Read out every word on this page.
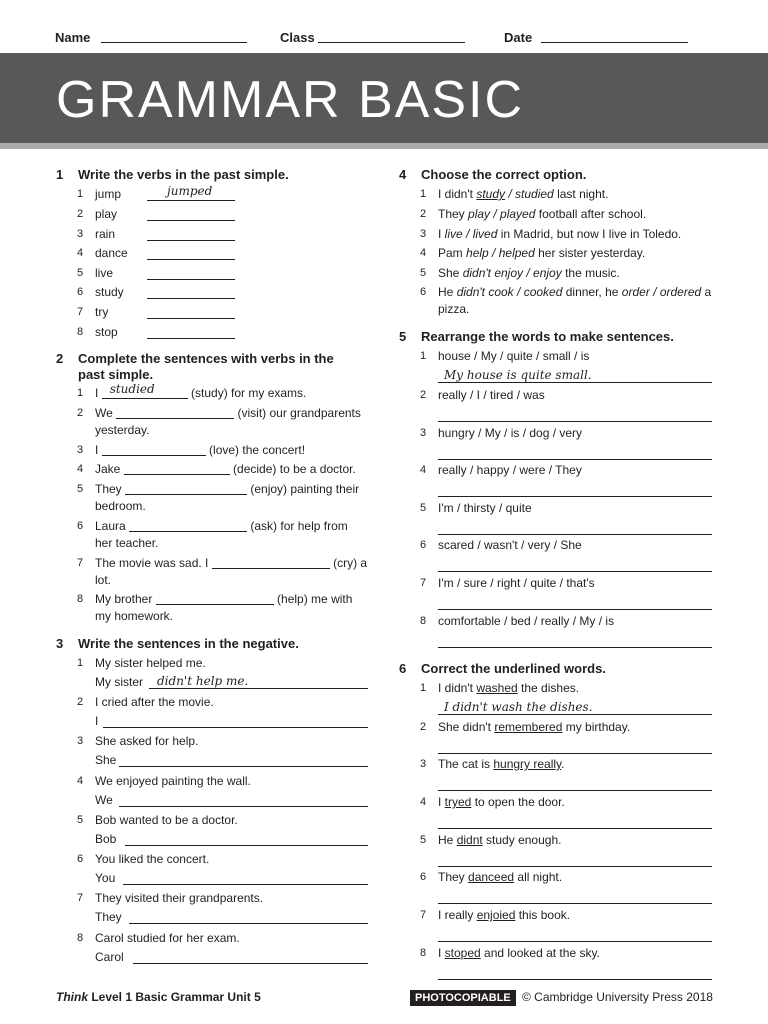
Name	Class	Date
GRAMMAR BASIC
1 Write the verbs in the past simple.
1 jump	jumped
2 play
3 rain
4 dance
5 live
6 study
7 try
8 stop
2 Complete the sentences with verbs in the past simple.
1 I studied	(study) for my exams.
2 We	(visit) our grandparents
yesterday.
3 I	(love) the concert!
4 Jake	(decide) to be a doctor.
5 They	(enjoy) painting their
bedroom.
6 Laura	(ask) for help from
her teacher.
7 The movie was sad. I	(cry) a
lot.
8 My brother	(help) me with
my homework.
3 Write the sentences in the negative.
1 My sister helped me.
My sister didn't help me.
2 I cried after the movie.
I
3 She asked for help.
She
4 We enjoyed painting the wall.
We
5 Bob wanted to be a doctor.
Bob
6 You liked the concert.
You
7 They visited their grandparents.
They
8 Carol studied for her exam.
Carol
4 Choose the correct option.
1 I didn't study / studied last night.
2 They play / played football after school.
3 I live / lived in Madrid, but now I live in Toledo.
4 Pam help / helped her sister yesterday.
5 She didn't enjoy / enjoy the music.
6 He didn't cook / cooked dinner, he order / ordered a
pizza.
5 Rearrange the words to make sentences.
1 house / My / quite / small / is
My house is quite small.
2 really / I / tired / was
3 hungry / My / is / dog / very
4 really / happy / were / They
5 I'm / thirsty / quite
6 scared / wasn't / very / She
7 I'm / sure / right / quite / that's
8 comfortable / bed / really / My / is
6 Correct the underlined words.
1 I didn't washed the dishes.
I didn't wash the dishes.
2 She didn't remembered my birthday.
3 The cat is hungry really.
4 I tryed to open the door.
5 He didnt study enough.
6 They danceed all night.
7 I really enjoied this book.
8 I stoped and looked at the sky.
Think Level 1 Basic Grammar Unit 5	PHOTOCOPIABLE © Cambridge University Press 2018
